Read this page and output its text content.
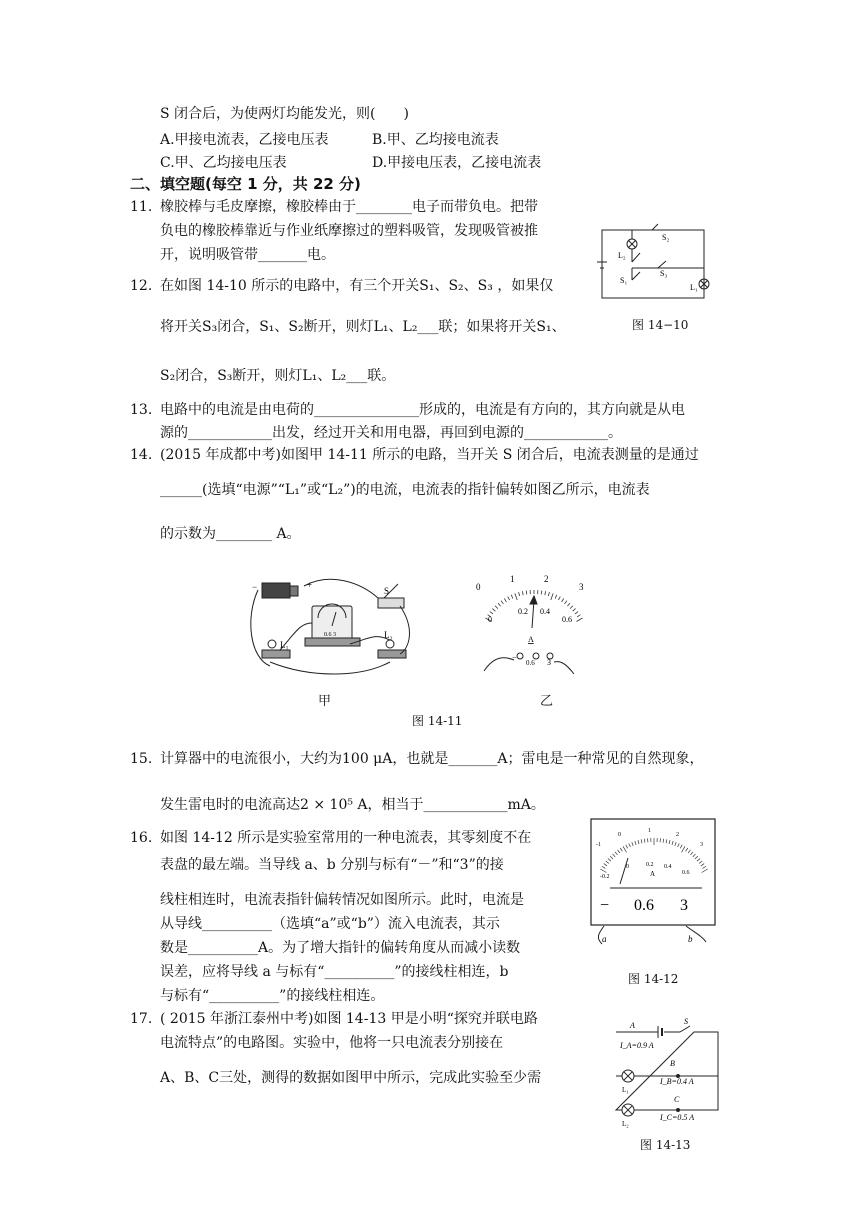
S 闭合后，为使两灯均能发光，则(　　)
A.甲接电流表，乙接电压表	B.甲、乙均接电流表
C.甲、乙均接电压表	D.甲接电压表，乙接电流表
二、填空题(每空 1 分，共 22 分)
11. 橡胶棒与毛皮摩擦，橡胶棒由于________电子而带负电。把带
负电的橡胶棒靠近与作业纸摩擦过的塑料吸管，发现吸管被推
开，说明吸管带_______电。
12. 在如图 14-10 所示的电路中，有三个开关S₁、S₂、S₃ ，如果仅
将开关S₃闭合，S₁、S₂断开，则灯L₁、L₂___联；如果将开关S₁、
S₂闭合，S₃断开，则灯L₁、L₂___联。
13. 电路中的电流是由电荷的_______________形成的，电流是有方向的，其方向就是从电
源的____________出发，经过开关和用电器，再回到电源的____________。
14. (2015 年成都中考)如图甲 14-11 所示的电路，当开关 S 闭合后，电流表测量的是通过
______(选填“电源”“L₁”或“L₂”)的电流，电流表的指针偏转如图乙所示，电流表
的示数为________ A。
15. 计算器中的电流很小，大约为100 μA，也就是_______A；雷电是一种常见的自然现象，
发生雷电时的电流高达2 × 10⁵ A，相当于____________mA。
16. 如图 14-12 所示是实验室常用的一种电流表，其零刻度不在
表盘的最左端。当导线 a、b 分别与标有“－”和“3”的接
线柱相连时，电流表指针偏转情况如图所示。此时，电流是
从导线__________（选填“a”或“b”）流入电流表，其示
数是__________A。为了增大指针的偏转角度从而减小读数
误差，应将导线 a 与标有“__________”的接线柱相连，b
与标有“__________”的接线柱相连。
17. ( 2015 年浙江泰州中考)如图 14-13 甲是小明“探究并联电路
电流特点”的电路图。实验中，他将一只电流表分别接在
A、B、C三处，测得的数据如图甲中所示，完成此实验至少需
L₂
S₂
S₁
S₃
L₁
图 14−10
−	+
S
L₁
L₂
0.6 3
0
1	2
3
0
0.2 0.4
0.6
A
−
0.6 3
甲	乙
图 14-11
-1
0
1
2
3
-0.2
0	0.2 0.4
0.6
A
− 0.6 3
a	b
图 14-12
A	S
I_A=0.9 A
B
I_B=0.4 A
L₁
C
I_C=0.5 A
L₂
图 14-13
